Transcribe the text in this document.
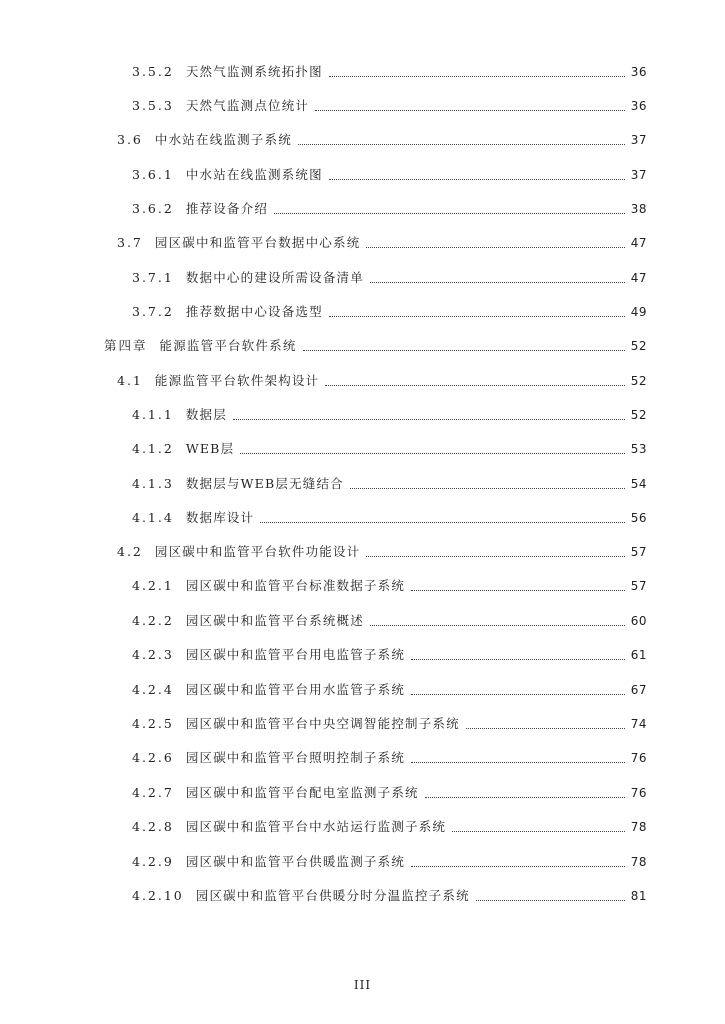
3.5.2 天然气监测系统拓扑图	36
3.5.3 天然气监测点位统计	36
3.6 中水站在线监测子系统	37
3.6.1 中水站在线监测系统图	37
3.6.2 推荐设备介绍	38
3.7 园区碳中和监管平台数据中心系统	47
3.7.1 数据中心的建设所需设备清单	47
3.7.2 推荐数据中心设备选型	49
第四章 能源监管平台软件系统	52
4.1 能源监管平台软件架构设计	52
4.1.1 数据层	52
4.1.2 WEB层	53
4.1.3 数据层与WEB层无缝结合	54
4.1.4 数据库设计	56
4.2 园区碳中和监管平台软件功能设计	57
4.2.1 园区碳中和监管平台标准数据子系统	57
4.2.2 园区碳中和监管平台系统概述	60
4.2.3 园区碳中和监管平台用电监管子系统	61
4.2.4 园区碳中和监管平台用水监管子系统	67
4.2.5 园区碳中和监管平台中央空调智能控制子系统	74
4.2.6 园区碳中和监管平台照明控制子系统	76
4.2.7 园区碳中和监管平台配电室监测子系统	76
4.2.8 园区碳中和监管平台中水站运行监测子系统	78
4.2.9 园区碳中和监管平台供暖监测子系统	78
4.2.10 园区碳中和监管平台供暖分时分温监控子系统	81
III
